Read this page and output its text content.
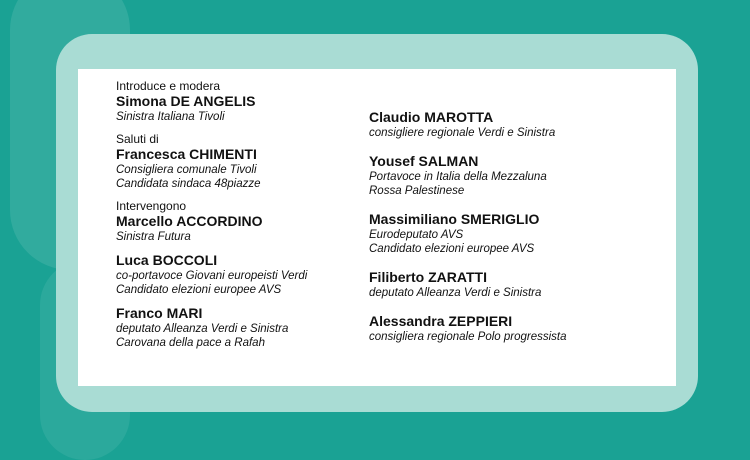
Introduce e modera
Simona DE ANGELIS
Sinistra Italiana Tivoli
Saluti di
Francesca CHIMENTI
Consigliera comunale Tivoli
Candidata sindaca 48piazze
Intervengono
Marcello ACCORDINO
Sinistra Futura
Luca BOCCOLI
co-portavoce Giovani europeisti Verdi
Candidato elezioni europee AVS
Franco MARI
deputato Alleanza Verdi e Sinistra
Carovana della pace a Rafah
Claudio MAROTTA
consigliere regionale Verdi e Sinistra
Yousef SALMAN
Portavoce in Italia della Mezzaluna
Rossa Palestinese
Massimiliano SMERIGLIO
Eurodeputato AVS
Candidato elezioni europee AVS
Filiberto ZARATTI
deputato Alleanza Verdi e Sinistra
Alessandra ZEPPIERI
consigliera regionale Polo progressista
